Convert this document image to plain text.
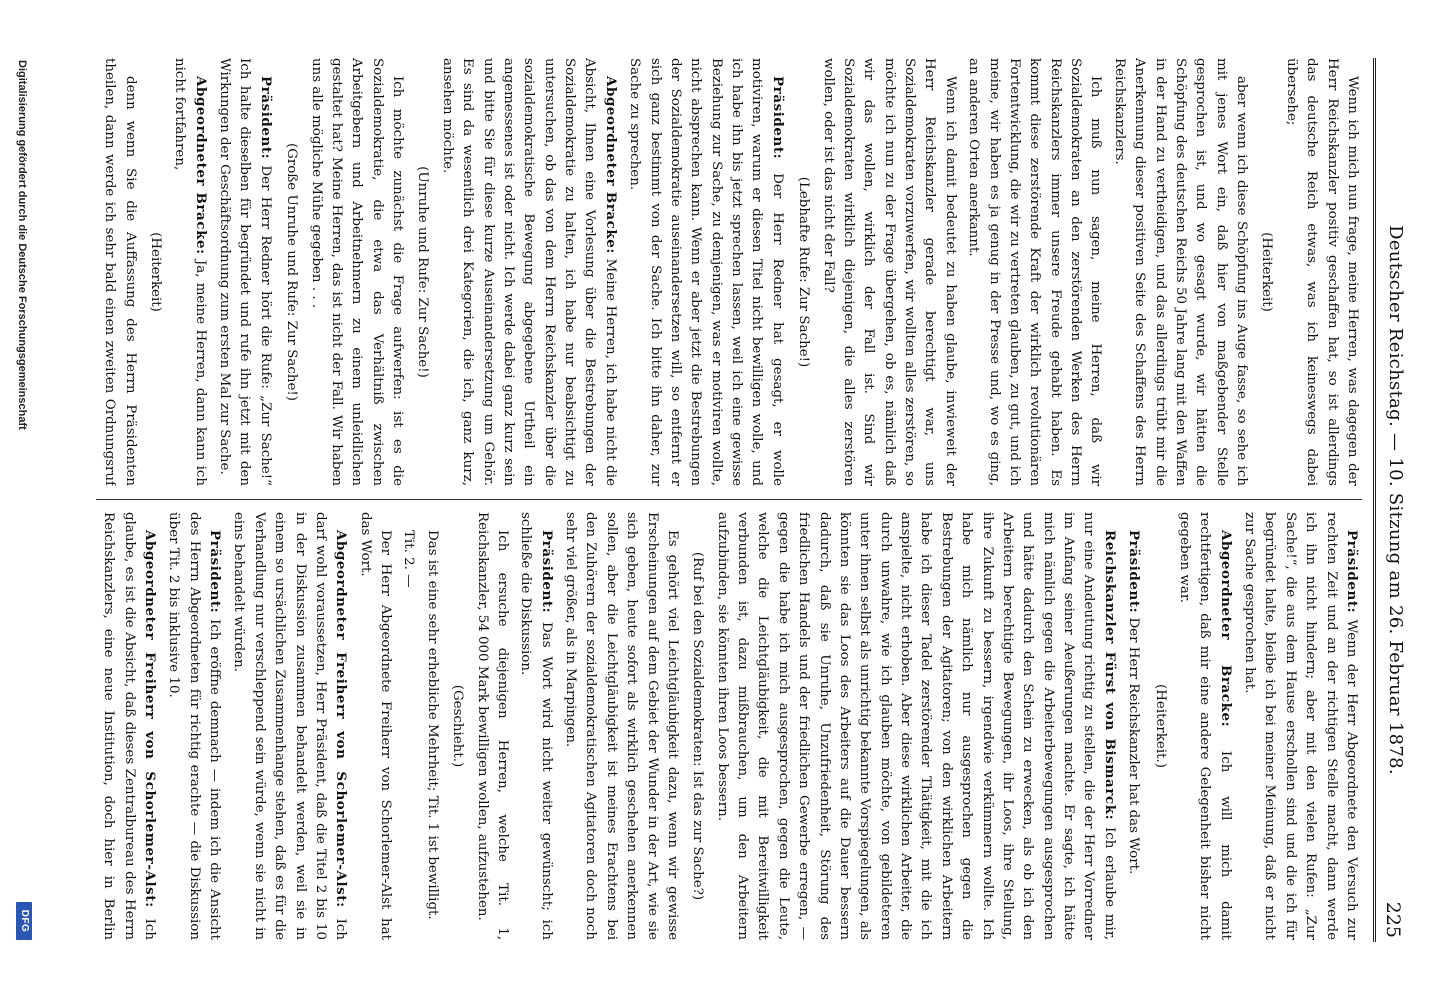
Deutscher Reichstag. — 10. Sitzung am 26. Februar 1878.
225

Wenn ich mich nun frage, meine Herren, was dagegen der Herr Reichskanzler positiv geschaffen hat, so ist allerdings das deutsche Reich etwas, was ich keineswegs dabei übersehe;

(Heiterkeit)

aber wenn ich diese Schöpfung ins Auge fasse, so sehe ich mit jenes Wort ein, daß hier von maßgebender Stelle gesprochen ist, und wo gesagt wurde, wir hätten die Schöpfung des deutschen Reichs 50 Jahre lang mit den Waffen in der Hand zu vertheidigen, und das allerdings trübt mir die Anerkennung dieser positiven Seite des Schaffens des Herrn Reichskanzlers.

Ich muß nun sagen, meine Herren, daß wir Sozialdemokraten an den zerstörenden Werken des Herrn Reichskanzlers immer unsere Freude gehabt haben. Es kommt diese zerstörende Kraft der wirklich revolutionären Fortentwicklung, die wir zu vertreten glauben, zu gut, und ich meine, wir haben es ja genug in der Presse und, wo es ging, an anderen Orten anerkannt.

Wenn ich damit bedeutet zu haben glaube, inwieweit der Herr Reichskanzler gerade berechtigt war, uns Sozialdemokraten vorzuwerfen, wir wollten alles zerstören, so möchte ich nun zu der Frage übergehen, ob es, nämlich daß wir das wollen, wirklich der Fall ist. Sind wir Sozialdemokraten wirklich diejenigen, die alles zerstören wollen, oder ist das nicht der Fall?

(Lebhafte Rufe: Zur Sache!)

Präsident: Der Herr Redner hat gesagt, er wolle motiviren, warum er diesen Titel nicht bewilligen wolle, und ich habe ihn bis jetzt sprechen lassen, weil ich eine gewisse Beziehung zur Sache, zu demjenigen, was er motiviren wollte, nicht absprechen kann. Wenn er aber jetzt die Bestrebungen der Sozialdemokratie auseinandersetzen will, so entfernt er sich ganz bestimmt von der Sache. Ich bitte ihn daher, zur Sache zu sprechen.

Abgeordneter Bracke: Meine Herren, ich habe nicht die Absicht, Ihnen eine Vorlesung über die Bestrebungen der Sozialdemokratie zu halten, ich habe nur beabsichtigt zu untersuchen, ob das von dem Herrn Reichskanzler über die sozialdemokratische Bewegung abgegebene Urtheil ein angemessenes ist oder nicht. Ich werde dabei ganz kurz sein und bitte Sie für diese kurze Auseinandersetzung um Gehör. Es sind da wesentlich drei Kategorien, die ich, ganz kurz, ansehen möchte.

(Unruhe und Rufe: Zur Sache!)

Ich möchte zunächst die Frage aufwerfen: ist es die Sozialdemokratie, die etwa das Verhältniß zwischen Arbeitgebern und Arbeitnehmern zu einem unleidlichen gestaltet hat? Meine Herren, das ist nicht der Fall. Wir haben uns alle mögliche Mühe gegeben . . .

(Große Unruhe und Rufe: Zur Sache!)

Präsident: Der Herr Redner hört die Rufe: „Zur Sache!“ Ich halte dieselben für begründet und rufe ihn jetzt mit den Wirkungen der Geschäftsordnung zum ersten Mal zur Sache.

Abgeordneter Bracke: Ja, meine Herren, dann kann ich nicht fortfahren,

(Heiterkeit)

denn wenn Sie die Auffassung des Herrn Präsidenten theilen, dann werde ich sehr bald einen zweiten Ordnungsruf

Präsident: Wenn der Herr Abgeordnete den Versuch zur rechten Zeit und an der richtigen Stelle macht, dann werde ich ihn nicht hindern; aber mit den vielen Rufen: „Zur Sache!“, die aus dem Hause erschollen sind und die ich für begründet halte, bleibe ich bei meiner Meinung, daß er nicht zur Sache gesprochen hat.

Abgeordneter Bracke: Ich will mich damit rechtfertigen, daß mir eine andere Gelegenheit bisher nicht gegeben war.

(Heiterkeit.)

Präsident: Der Herr Reichskanzler hat das Wort.

Reichskanzler Fürst von Bismarck: Ich erlaube mir, nur eine Andeutung richtig zu stellen, die der Herr Vorredner im Anfang seiner Aeußerungen machte. Er sagte, ich hätte mich nämlich gegen die Arbeiterbewegungen ausgesprochen und hätte dadurch den Schein zu erwecken, als ob ich den Arbeitern berechtigte Bewegungen, ihr Loos, ihre Stellung, ihre Zukunft zu bessern, irgendwie verkümmern wollte. Ich habe mich nämlich nur ausgesprochen gegen die Bestrebungen der Agitatoren; von den wirklichen Arbeitern habe ich dieser Tadel zerstörender Thätigkeit, mit die ich anspielte, nicht erhoben. Aber diese wirklichen Arbeiter, die durch unwahre, wie ich glauben möchte, von gebildeteren unter ihnen selbst als unrichtig bekannte Vorspiegelungen, als könnten sie das Loos des Arbeiters auf die Dauer bessern dadurch, daß sie Unruhe, Unzufriedenheit, Störung des friedlichen Handels und der friedlichen Gewerbe erregen, — gegen die habe ich mich ausgesprochen, gegen die Leute, welche die Leichtgläubigkeit, die mit Bereitwilligkeit verbunden ist, dazu mißbrauchen, um den Arbeitern aufzubinden, sie könnten ihren Loos bessern.

(Ruf bei den Sozialdemokraten: Ist das zur Sache?)

Es gehört viel Leichtgläubigkeit dazu, wenn wir gewisse Erscheinungen auf dem Gebiet der Wunder in der Art, wie sie sich geben, heute sofort als wirklich geschehen anerkennen sollen, aber die Leichtgläubigkeit ist meines Erachtens bei den Zuhörern der sozialdemokratischen Agitatoren doch noch sehr viel größer, als in Marpingen.

Präsident: Das Wort wird nicht weiter gewünscht; ich schließe die Diskussion.

Ich ersuche diejenigen Herren, welche Tit. 1, Reichskanzler, 54 000 Mark bewilligen wollen, aufzustehen.

(Geschieht.)

Das ist eine sehr erhebliche Mehrheit; Tit. 1 ist bewilligt.

Tit. 2. —

Der Herr Abgeordnete Freiherr von Schorlemer-Alst hat das Wort.

Abgeordneter Freiherr von Schorlemer-Alst: Ich darf wohl voraussetzen, Herr Präsident, daß die Titel 2 bis 10 in der Diskussion zusammen behandelt werden, weil sie in einem so ursächlichen Zusammenhange stehen, daß es für die Verhandlung nur verschleppend sein würde, wenn sie nicht in eins behandelt würden.

Präsident: Ich eröffne demnach — indem ich die Ansicht des Herrn Abgeordneten für richtig erachte — die Diskussion über Tit. 2 bis inklusive 10.

Abgeordneter Freiherr von Schorlemer-Alst: Ich glaube, es ist die Absicht, daß dieses Zentralbureau des Herrn Reichskanzlers, eine neue Institution, doch hier in Berlin

Digitalisierung gefördert durch die Deutsche Forschungsgemeinschaft
DFG
